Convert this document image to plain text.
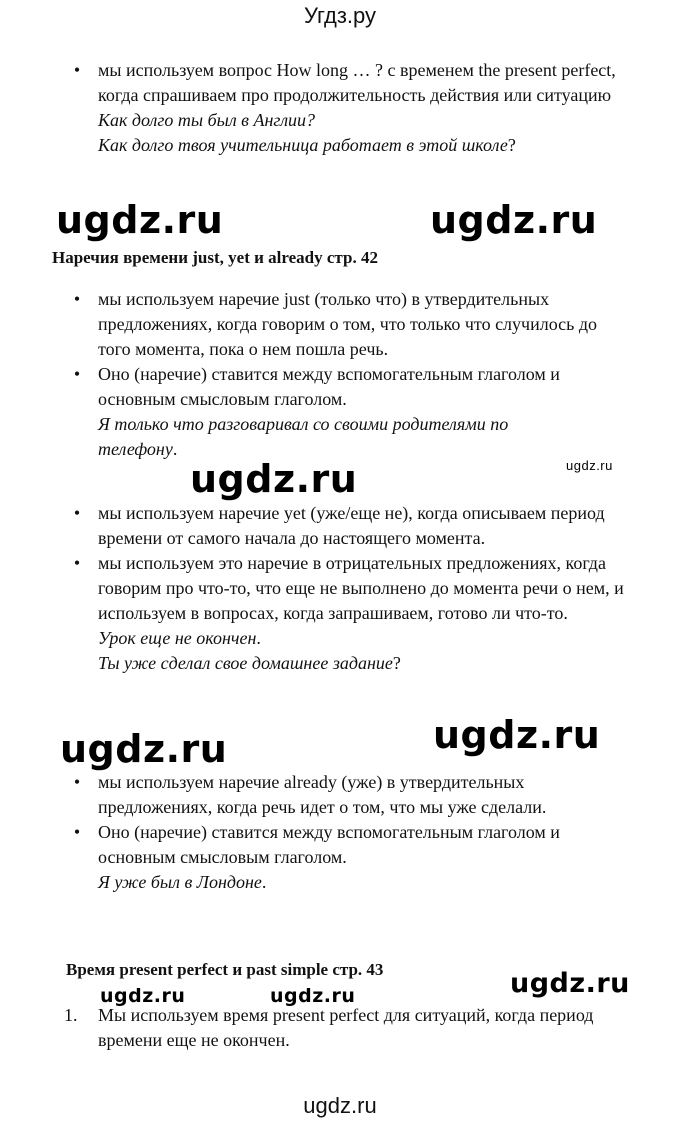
Угдз.ру
• мы используем вопрос How long … ? с временем the present perfect, когда спрашиваем про продолжительность действия или ситуацию
Как долго ты был в Англии?
Как долго твоя учительница работает в этой школе?
ugdz.ru	ugdz.ru
Наречия времени just, yet и already стр. 42
• мы используем наречие just (только что) в утвердительных предложениях, когда говорим о том, что только что случилось до того момента, пока о нем пошла речь.
• Оно (наречие) ставится между вспомогательным глаголом и основным смысловым глаголом.
Я только что разговаривал со своими родителями по телефону.
ugdz.ru	ugdz.ru
• мы используем наречие yet (уже/еще не), когда описываем период времени от самого начала до настоящего момента.
• мы используем это наречие в отрицательных предложениях, когда говорим про что-то, что еще не выполнено до момента речи о нем, и используем в вопросах, когда запрашиваем, готово ли что-то.
Урок еще не окончен.
Ты уже сделал свое домашнее задание?
ugdz.ru	ugdz.ru
• мы используем наречие already (уже) в утвердительных предложениях, когда речь идет о том, что мы уже сделали.
• Оно (наречие) ставится между вспомогательным глаголом и основным смысловым глаголом.
Я уже был в Лондоне.
Время present perfect и past simple стр. 43	ugdz.ru
ugdz.ru	ugdz.ru
1.	Мы используем время present perfect для ситуаций, когда период времени еще не окончен.
ugdz.ru
